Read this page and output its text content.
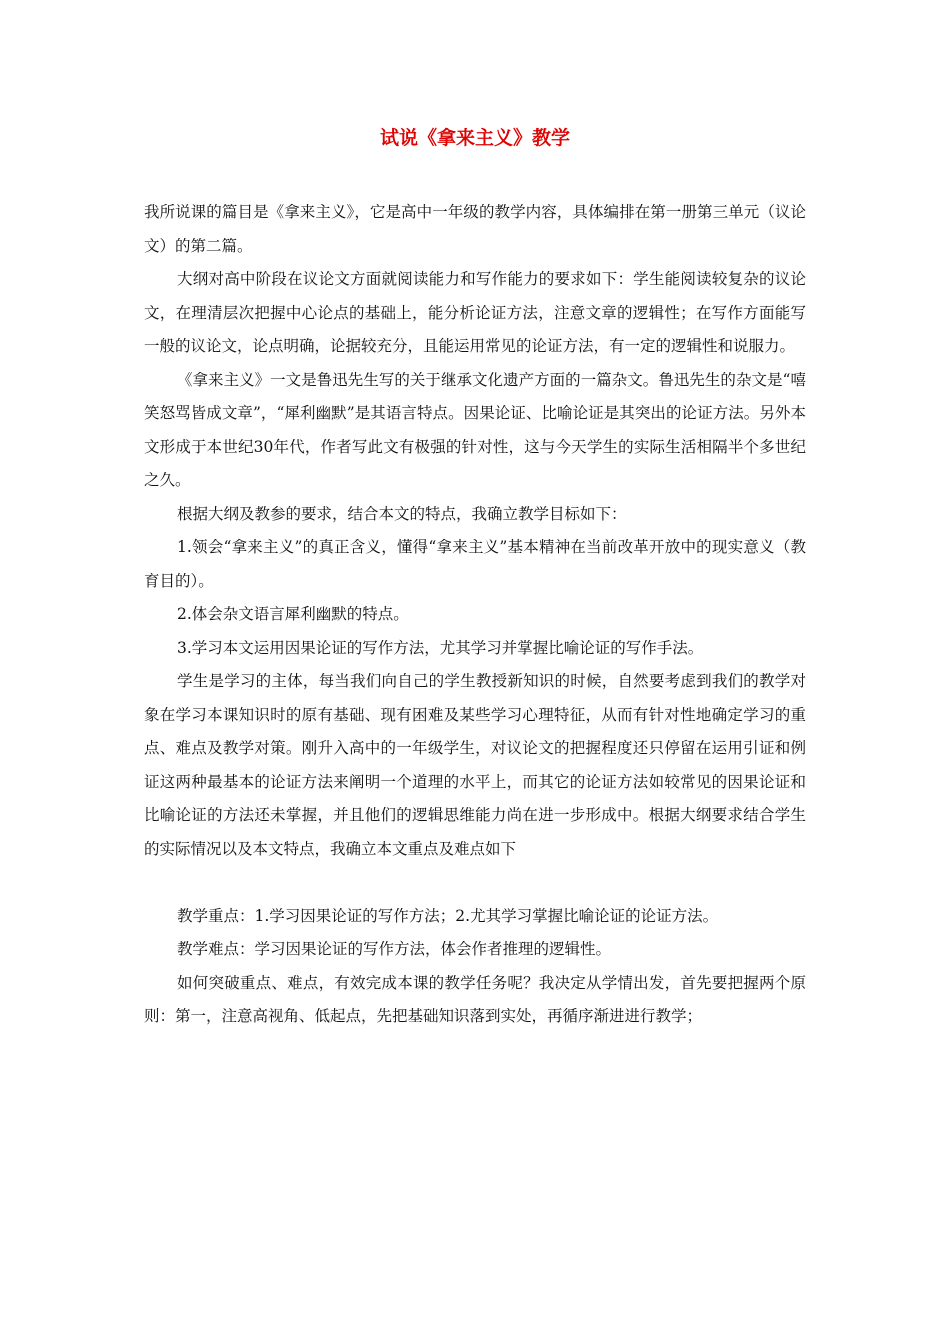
试说《拿来主义》教学

我所说课的篇目是《拿来主义》，它是高中一年级的教学内容，具体编排在第一册第三单元（议论文）的第二篇。

大纲对高中阶段在议论文方面就阅读能力和写作能力的要求如下：学生能阅读较复杂的议论文，在理清层次把握中心论点的基础上，能分析论证方法，注意文章的逻辑性；在写作方面能写一般的议论文，论点明确，论据较充分，且能运用常见的论证方法，有一定的逻辑性和说服力。

《拿来主义》一文是鲁迅先生写的关于继承文化遗产方面的一篇杂文。鲁迅先生的杂文是“嘻笑怒骂皆成文章”，“犀利幽默”是其语言特点。因果论证、比喻论证是其突出的论证方法。另外本文形成于本世纪30年代，作者写此文有极强的针对性，这与今天学生的实际生活相隔半个多世纪之久。

根据大纲及教参的要求，结合本文的特点，我确立教学目标如下：

1.领会“拿来主义”的真正含义，懂得“拿来主义”基本精神在当前改革开放中的现实意义（教育目的）。

2.体会杂文语言犀利幽默的特点。

3.学习本文运用因果论证的写作方法，尤其学习并掌握比喻论证的写作手法。

学生是学习的主体，每当我们向自己的学生教授新知识的时候，自然要考虑到我们的教学对象在学习本课知识时的原有基础、现有困难及某些学习心理特征，从而有针对性地确定学习的重点、难点及教学对策。刚升入高中的一年级学生，对议论文的把握程度还只停留在运用引证和例证这两种最基本的论证方法来阐明一个道理的水平上，而其它的论证方法如较常见的因果论证和比喻论证的方法还未掌握，并且他们的逻辑思维能力尚在进一步形成中。根据大纲要求结合学生的实际情况以及本文特点，我确立本文重点及难点如下

教学重点：1.学习因果论证的写作方法；2.尤其学习掌握比喻论证的论证方法。

教学难点：学习因果论证的写作方法，体会作者推理的逻辑性。

如何突破重点、难点，有效完成本课的教学任务呢？我决定从学情出发，首先要把握两个原则：第一，注意高视角、低起点，先把基础知识落到实处，再循序渐进进行教学；
